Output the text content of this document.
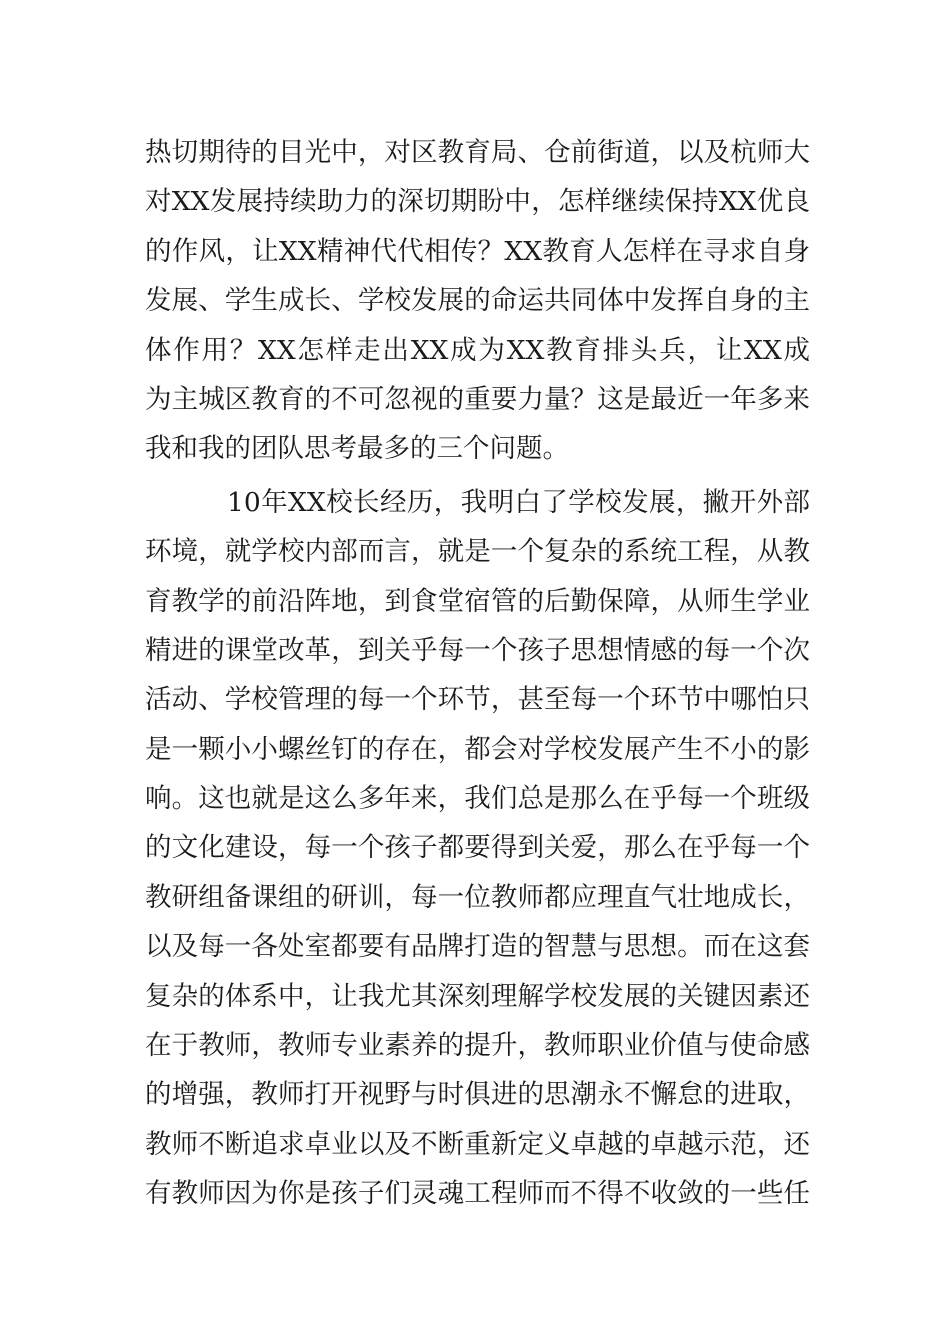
热切期待的目光中，对区教育局、仓前街道，以及杭师大
对XX发展持续助力的深切期盼中，怎样继续保持XX优良
的作风，让XX精神代代相传？XX教育人怎样在寻求自身
发展、学生成长、学校发展的命运共同体中发挥自身的主
体作用？XX怎样走出XX成为XX教育排头兵，让XX成
为主城区教育的不可忽视的重要力量？这是最近一年多来
我和我的团队思考最多的三个问题。
10年XX校长经历，我明白了学校发展，撇开外部
环境，就学校内部而言，就是一个复杂的系统工程，从教
育教学的前沿阵地，到食堂宿管的后勤保障，从师生学业
精进的课堂改革，到关乎每一个孩子思想情感的每一个次
活动、学校管理的每一个环节，甚至每一个环节中哪怕只
是一颗小小螺丝钉的存在，都会对学校发展产生不小的影
响。这也就是这么多年来，我们总是那么在乎每一个班级
的文化建设，每一个孩子都要得到关爱，那么在乎每一个
教研组备课组的研训，每一位教师都应理直气壮地成长，
以及每一各处室都要有品牌打造的智慧与思想。而在这套
复杂的体系中，让我尤其深刻理解学校发展的关键因素还
在于教师，教师专业素养的提升，教师职业价值与使命感
的增强，教师打开视野与时俱进的思潮永不懈怠的进取，
教师不断追求卓业以及不断重新定义卓越的卓越示范，还
有教师因为你是孩子们灵魂工程师而不得不收敛的一些任
